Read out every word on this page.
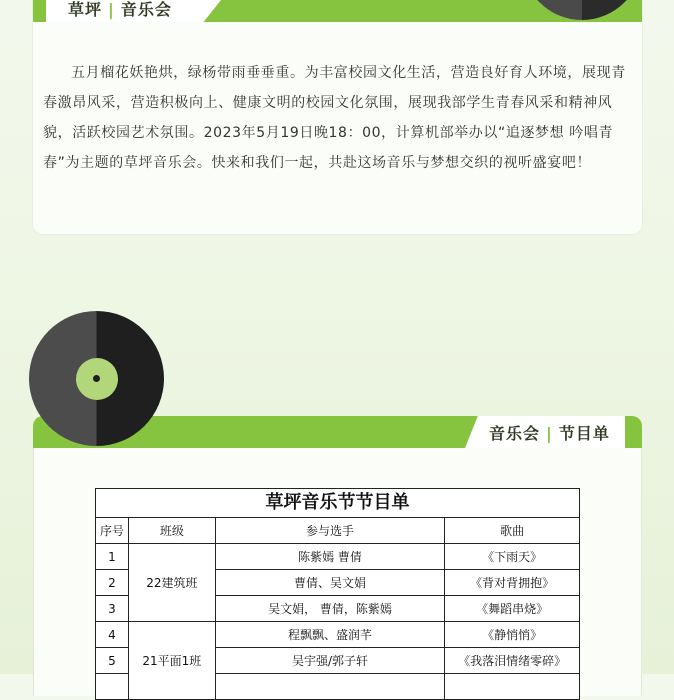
草坪 | 音乐会
五月榴花妖艳烘，绿杨带雨垂垂重。为丰富校园文化生活，营造良好育人环境，展现青春激昂风采，营造积极向上、健康文明的校园文化氛围，展现我部学生青春风采和精神风貌，活跃校园艺术氛围。2023年5月19日晚18：00，计算机部举办以“追逐梦想 吟唱青春”为主题的草坪音乐会。快来和我们一起，共赴这场音乐与梦想交织的视听盛宴吧！
音乐会 | 节目单
草坪音乐节节目单
序号	班级	参与选手	歌曲
1	22建筑班	陈紫嫣 曹倩	《下雨天》
2		曹倩、吴文娟	《背对背拥抱》
3		吴文娟， 曹倩，陈紫嫣	《舞蹈串烧》
4	21平面1班	程飘飘、盛润芊	《静悄悄》
5		吴宇强/郭子轩	《我落泪情绪零碎》
